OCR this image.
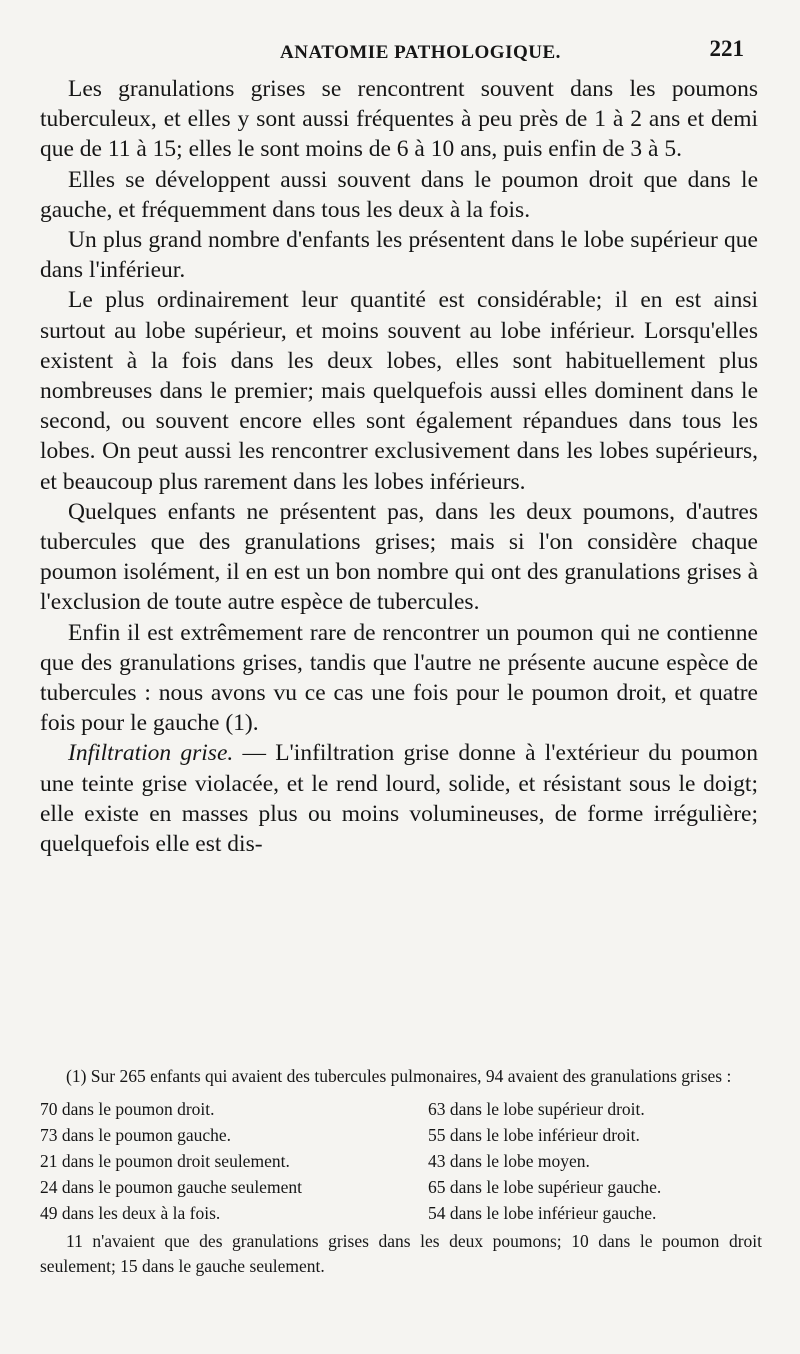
ANATOMIE PATHOLOGIQUE.	221

Les granulations grises se rencontrent souvent dans les poumons tuberculeux, et elles y sont aussi fréquentes à peu près de 1 à 2 ans et demi que de 11 à 15; elles le sont moins de 6 à 10 ans, puis enfin de 3 à 5.

Elles se développent aussi souvent dans le poumon droit que dans le gauche, et fréquemment dans tous les deux à la fois.

Un plus grand nombre d'enfants les présentent dans le lobe supérieur que dans l'inférieur.

Le plus ordinairement leur quantité est considérable; il en est ainsi surtout au lobe supérieur, et moins souvent au lobe inférieur. Lorsqu'elles existent à la fois dans les deux lobes, elles sont habituellement plus nombreuses dans le premier; mais quelquefois aussi elles dominent dans le second, ou souvent encore elles sont également répandues dans tous les lobes. On peut aussi les rencontrer exclusivement dans les lobes supérieurs, et beaucoup plus rarement dans les lobes inférieurs.

Quelques enfants ne présentent pas, dans les deux poumons, d'autres tubercules que des granulations grises; mais si l'on considère chaque poumon isolément, il en est un bon nombre qui ont des granulations grises à l'exclusion de toute autre espèce de tubercules.

Enfin il est extrêmement rare de rencontrer un poumon qui ne contienne que des granulations grises, tandis que l'autre ne présente aucune espèce de tubercules : nous avons vu ce cas une fois pour le poumon droit, et quatre fois pour le gauche (1).

Infiltration grise. — L'infiltration grise donne à l'extérieur du poumon une teinte grise violacée, et le rend lourd, solide, et résistant sous le doigt; elle existe en masses plus ou moins volumineuses, de forme irrégulière; quelquefois elle est dis-

(1) Sur 265 enfants qui avaient des tubercules pulmonaires, 94 avaient des granulations grises :

70 dans le poumon droit.	63 dans le lobe supérieur droit.
73 dans le poumon gauche.	55 dans le lobe inférieur droit.
21 dans le poumon droit seulement.	43 dans le lobe moyen.
24 dans le poumon gauche seulement	65 dans le lobe supérieur gauche.
49 dans les deux à la fois.	54 dans le lobe inférieur gauche.

11 n'avaient que des granulations grises dans les deux poumons; 10 dans le poumon droit seulement; 15 dans le gauche seulement.
